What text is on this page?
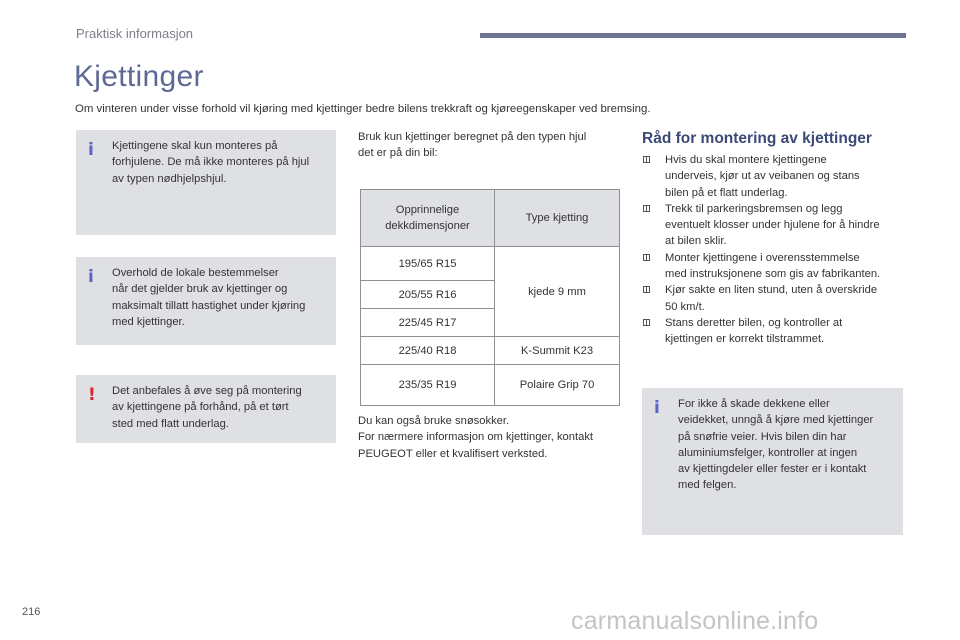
Praktisk informasjon
Kjettinger
Om vinteren under visse forhold vil kjøring med kjettinger bedre bilens trekkraft og kjøreegenskaper ved bremsing.
i Kjettingene skal kun monteres på
forhjulene. De må ikke monteres på hjul
av typen nødhjelpshjul.
i Overhold de lokale bestemmelser
når det gjelder bruk av kjettinger og
maksimalt tillatt hastighet under kjøring
med kjettinger.
! Det anbefales å øve seg på montering
av kjettingene på forhånd, på et tørt
sted med flatt underlag.
Bruk kun kjettinger beregnet på den typen hjul
det er på din bil:
Opprinnelige
dekkdimensjoner	Type kjetting
195/65 R15	kjede 9 mm
205/55 R16	
225/45 R17	
225/40 R18	K-Summit K23
235/35 R19	Polaire Grip 70
Du kan også bruke snøsokker.
For nærmere informasjon om kjettinger, kontakt
PEUGEOT eller et kvalifisert verksted.
Råd for montering av kjettinger
Hvis du skal montere kjettingene
underveis, kjør ut av veibanen og stans
bilen på et flatt underlag.
Trekk til parkeringsbremsen og legg
eventuelt klosser under hjulene for å hindre
at bilen sklir.
Monter kjettingene i overensstemmelse
med instruksjonene som gis av fabrikanten.
Kjør sakte en liten stund, uten å overskride
50 km/t.
Stans deretter bilen, og kontroller at
kjettingen er korrekt tilstrammet.
i For ikke å skade dekkene eller
veidekket, unngå å kjøre med kjettinger
på snøfrie veier. Hvis bilen din har
aluminiumsfelger, kontroller at ingen
av kjettingdeler eller fester er i kontakt
med felgen.
216	carmanualsonline.info
